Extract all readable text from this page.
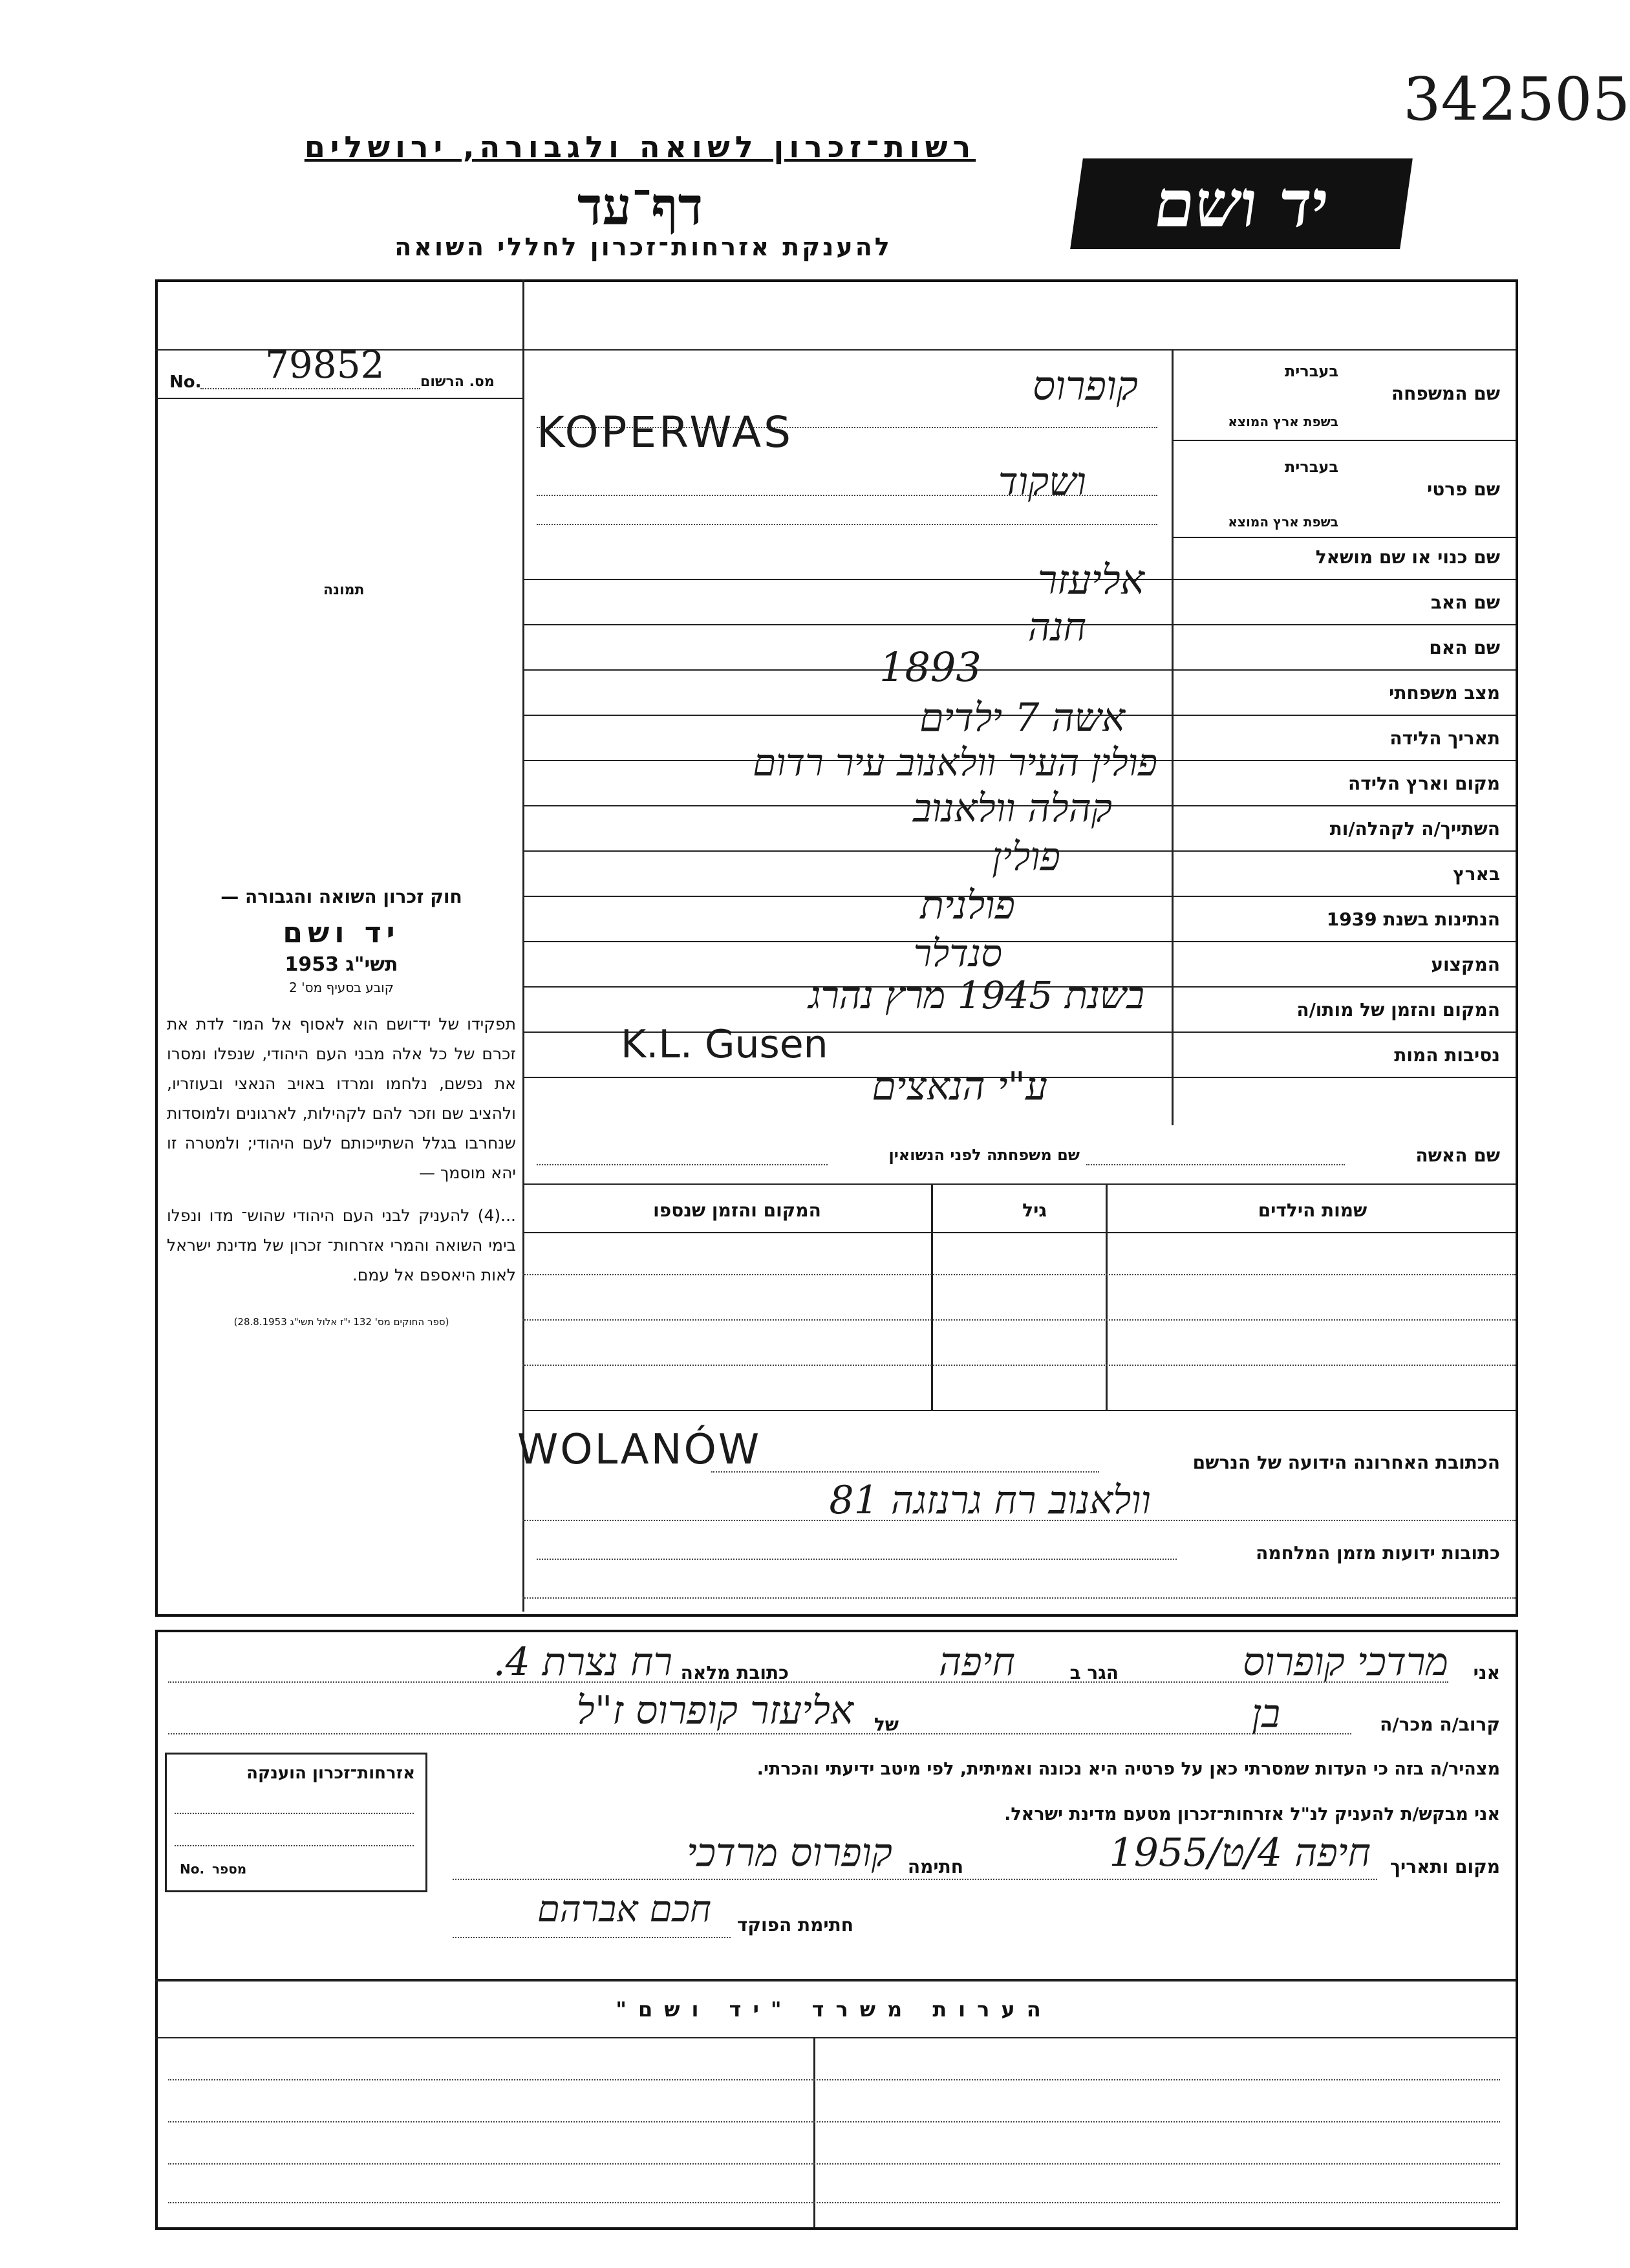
342505
רשות־זכרון לשואה ולגבורה, ירושלים
דף־עד
להענקת אזרחות־זכרון לחללי השואה
יד ושם
מס. הרשום
No. 79852
תמונה
חוק זכרון השואה והגבורה —
יד ושם
תשי"ג 1953
קובע בסעיף מס' 2
תפקידו של יד־ושם הוא לאסוף אל המו־ לדת את זכרם של כל אלה מבני העם היהודי, שנפלו ומסרו את נפשם, נלחמו ומרדו באויב הנאצי ובעוזריו, ולהציב שם וזכר להם לקהילות, לארגונים ולמוסדות שנחרבו בגלל השתייכותם לעם היהודי; ולמטרה זו יהא מוסמך —
...(4) להעניק לבני העם היהודי שהוש־ מדו ונפלו בימי השואה והמרי אזרחות־ זכרון של מדינת ישראל לאות היאספם אל עמם.
(ספר החוקים מס' 132 י"ז אלול תשי"ג 28.8.1953)
שם המשפחה
בעברית
בשפת ארץ המוצא
שם פרטי
בעברית
בשפת ארץ המוצא
שם כנוי או שם מושאל
שם האב
שם האם
מצב משפחתי
תאריך הלידה
מקום וארץ הלידה
השתייך/ה לקהלה/ות
בארץ
הנתינות בשנת 1939
המקצוע
המקום והזמן של מותו/ה
נסיבות המות
קופרוס
KOPERWAS
ושקוד
אליעזר
חנה
1893
אשה 7 ילדים
פולין העיר וולאנוב עיר רדום
קהלה וולאנוב
פולין
פולנית
סנדלר
בשנת 1945 מרץ נהרג
K.L. Gusen
ע"י הנאצים
שם האשה
שם משפחתה לפני הנשואין
שמות הילדים
גיל
המקום והזמן שנספו
WOLANÓW	הכתובת האחרונה הידועה של הנרשם
וולאנוב רח גרנזגה 81
כתובות ידועות מזמן המלחמה
אני
מרדכי קופרוס
הגר ב
חיפה
כתובת מלאה
רח נצרת 4.
קרוב/ה מכר/ה
בן
של
אליעזר קופרוס ז"ל
מצהיר/ה בזה כי העדות שמסרתי כאן על פרטיה היא נכונה ואמיתית, לפי מיטב ידיעתי והכרתי.
אני מבקש/ת להעניק לנ"ל אזרחות־זכרון מטעם מדינת ישראל.
מקום ותאריך
חיפה 4/ט/1955
חתימה
קופרוס מרדכי
חתימת הפוקד
חכם אברהם
אזרחות־זכרון הוענקה
No. מספר
הערות משרד "יד ושם"
